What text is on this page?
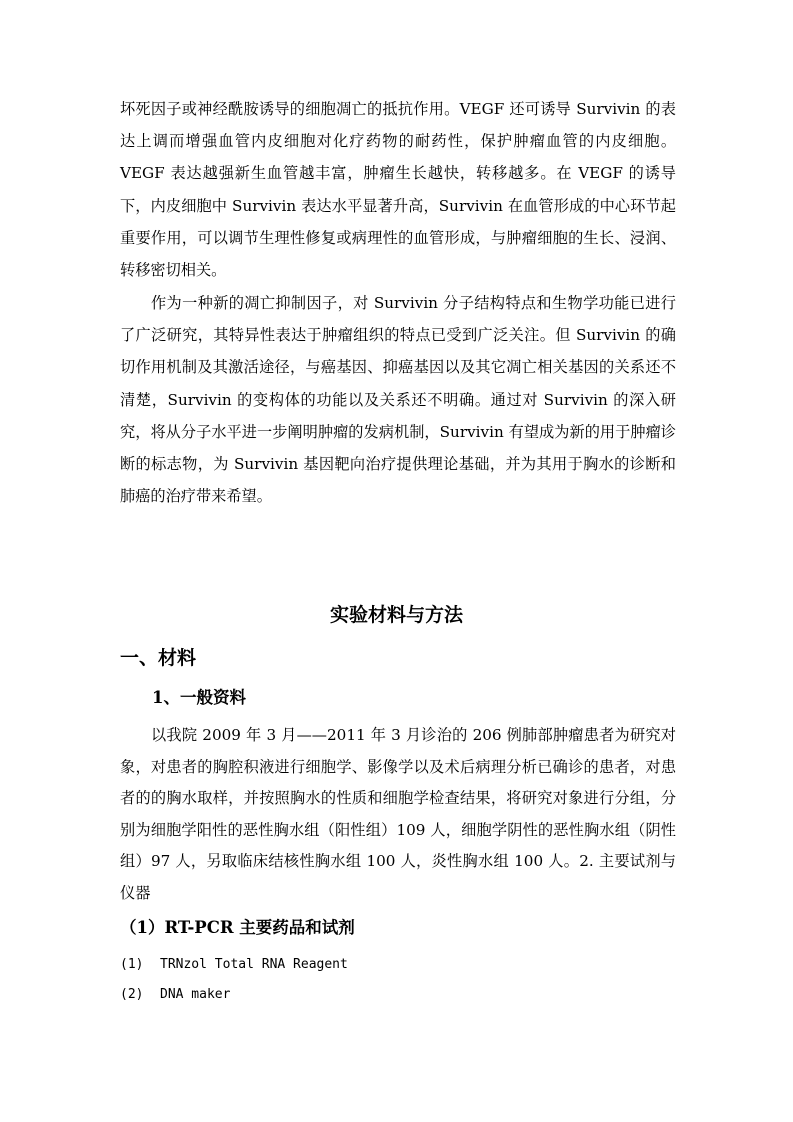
坏死因子或神经酰胺诱导的细胞凋亡的抵抗作用。VEGF 还可诱导 Survivin 的表达上调而增强血管内皮细胞对化疗药物的耐药性，保护肿瘤血管的内皮细胞。VEGF 表达越强新生血管越丰富，肿瘤生长越快，转移越多。在 VEGF 的诱导下，内皮细胞中 Survivin 表达水平显著升高，Survivin 在血管形成的中心环节起重要作用，可以调节生理性修复或病理性的血管形成，与肿瘤细胞的生长、浸润、转移密切相关。

作为一种新的凋亡抑制因子，对 Survivin 分子结构特点和生物学功能已进行了广泛研究，其特异性表达于肿瘤组织的特点已受到广泛关注。但 Survivin 的确切作用机制及其激活途径，与癌基因、抑癌基因以及其它凋亡相关基因的关系还不清楚，Survivin 的变构体的功能以及关系还不明确。通过对 Survivin 的深入研究，将从分子水平进一步阐明肿瘤的发病机制，Survivin 有望成为新的用于肿瘤诊断的标志物，为 Survivin 基因靶向治疗提供理论基础，并为其用于胸水的诊断和肺癌的治疗带来希望。

实验材料与方法
一、材料
1、一般资料

以我院 2009 年 3 月——2011 年 3 月诊治的 206 例肺部肿瘤患者为研究对象，对患者的胸腔积液进行细胞学、影像学以及术后病理分析已确诊的患者，对患者的的胸水取样，并按照胸水的性质和细胞学检查结果，将研究对象进行分组，分别为细胞学阳性的恶性胸水组（阳性组）109 人，细胞学阴性的恶性胸水组（阴性组）97 人，另取临床结核性胸水组 100 人，炎性胸水组 100 人。2. 主要试剂与仪器

（1）RT-PCR 主要药品和试剂
(1) TRNzol Total RNA Reagent
(2) DNA maker
